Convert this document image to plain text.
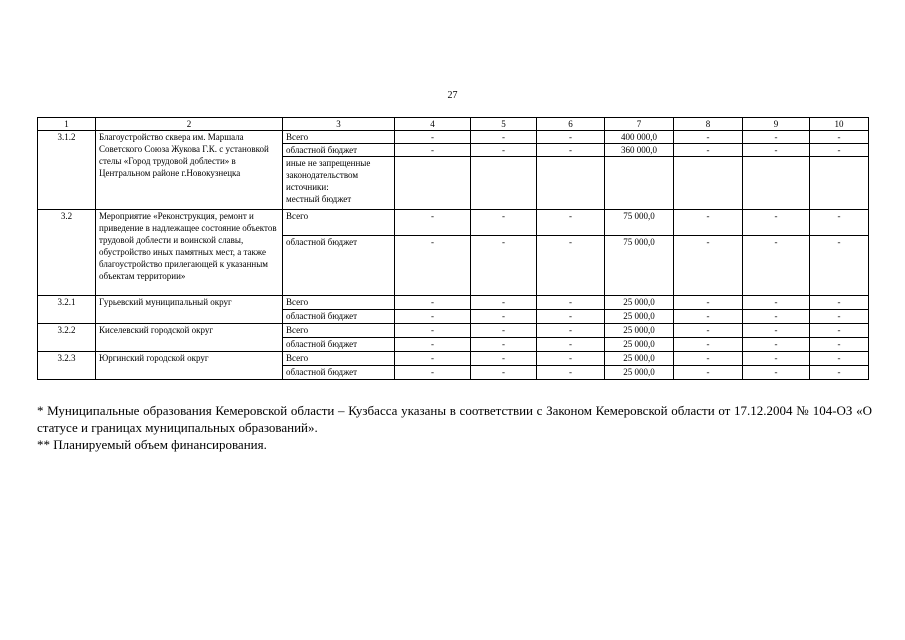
27
1	2	3	4	5	6	7	8	9	10
3.1.2	Благоустройство сквера им. Маршала Советского Союза Жукова Г.К. с установкой стелы «Город трудовой доблести» в Центральном районе г.Новокузнецка	Всего	-	-	-	400 000,0	-	-	-
		областной бюджет	-	-	-	360 000,0	-	-	-
		иные не запрещенные законодательством источники:
местный бюджет							

3.2	Мероприятие «Реконструкция, ремонт и приведение в надлежащее состояние объектов трудовой доблести и воинской славы, обустройство иных памятных мест, а также благоустройство прилегающей к указанным объектам территории»	Всего	-	-	-	75 000,0	-	-	-
		областной бюджет	-	-	-	75 000,0	-	-	-
3.2.1	Гурьевский муниципальный округ	Всего	-	-	-	25 000,0	-	-	-
		областной бюджет	-	-	-	25 000,0	-	-	-
3.2.2	Киселевский городской округ	Всего	-	-	-	25 000,0	-	-	-
		областной бюджет	-	-	-	25 000,0	-	-	-
3.2.3	Юргинский городской округ	Всего	-	-	-	25 000,0	-	-	-
		областной бюджет	-	-	-	25 000,0	-	-	-

* Муниципальные образования Кемеровской области – Кузбасса указаны в соответствии с Законом Кемеровской области от 17.12.2004 № 104-ОЗ «О статусе и границах муниципальных образований».

** Планируемый объем финансирования.
